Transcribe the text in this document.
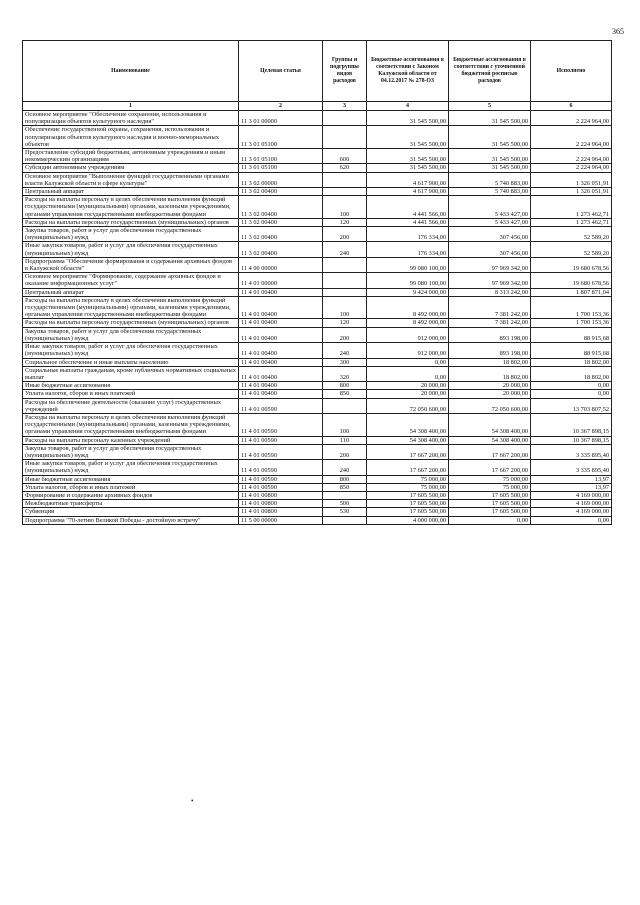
365
Наименование	Целевая статья	Группы и подгруппы видов расходов	Бюджетные ассигнования в соответствии с Законом Калужской области от 04.12.2017 № 278-ОЗ	Бюджетные ассигнования в соответствии с уточненной бюджетной росписью расходов	Исполнено
1	2	3	4	5	6
Основное мероприятие "Обеспечение сохранения, использования и популяризации объектов культурного наследия"	11 3 01 00000		31 545 500,00	31 545 500,00	2 224 964,00
Обеспечение государственной охраны, сохранения, использования и популяризации объектов культурного наследия и военно-мемориальных объектов	11 3 01 05100		31 545 500,00	31 545 500,00	2 224 964,00
Предоставление субсидий бюджетным, автономным учреждениям и иным некоммерческим организациям	11 3 01 05100	600	31 545 500,00	31 545 500,00	2 224 964,00
Субсидии автономным учреждениям	11 3 01 05100	620	31 545 500,00	31 545 500,00	2 224 964,00
Основное мероприятие "Выполнение функций государственными органами власти Калужской области в сфере культуры"	11 3 02 00000		4 617 900,00	5 740 883,00	1 326 051,91
Центральный аппарат	11 3 02 00400		4 617 900,00	5 740 883,00	1 326 051,91
Расходы на выплаты персоналу в целях обеспечения выполнения функций государственными (муниципальными) органами, казенными учреждениями, органами управления государственными внебюджетными фондами	11 3 02 00400	100	4 441 566,00	5 433 427,00	1 273 462,71
Расходы на выплаты персоналу государственных (муниципальных) органов	11 3 02 00400	120	4 441 566,00	5 433 427,00	1 273 462,71
Закупка товаров, работ и услуг для обеспечения государственных (муниципальных) нужд	11 3 02 00400	200	176 334,00	307 456,00	52 589,20
Иные закупки товаров, работ и услуг для обеспечения государственных (муниципальных) нужд	11 3 02 00400	240	176 334,00	307 456,00	52 589,20
Подпрограмма "Обеспечение формирования и содержания архивных фондов в Калужской области"	11 4 00 00000		99 080 100,00	97 969 342,00	19 680 678,56
Основное мероприятие "Формирование, содержание архивных фондов и оказание информационных услуг"	11 4 01 00000		99 080 100,00	97 969 342,00	19 680 678,56
Центральный аппарат	11 4 01 00400		9 424 000,00	8 313 242,00	1 807 871,04
Расходы на выплаты персоналу в целях обеспечения выполнения функций государственными (муниципальными) органами, казенными учреждениями, органами управления государственными внебюджетными фондами	11 4 01 00400	100	8 492 000,00	7 381 242,00	1 700 153,36
Расходы на выплаты персоналу государственных (муниципальных) органов	11 4 01 00400	120	8 492 000,00	7 381 242,00	1 700 153,36
Закупка товаров, работ и услуг для обеспечения государственных (муниципальных) нужд	11 4 01 00400	200	912 000,00	893 198,00	88 915,68
Иные закупки товаров, работ и услуг для обеспечения государственных (муниципальных) нужд	11 4 01 00400	240	912 000,00	893 198,00	88 915,68
Социальное обеспечение и иные выплаты населению	11 4 01 00400	300	0,00	18 802,00	18 802,00
Социальные выплаты гражданам, кроме публичных нормативных социальных выплат	11 4 01 00400	320	0,00	18 802,00	18 802,00
Иные бюджетные ассигнования	11 4 01 00400	800	20 000,00	20 000,00	0,00
Уплата налогов, сборов и иных платежей	11 4 01 00400	850	20 000,00	20 000,00	0,00
Расходы на обеспечение деятельности (оказание услуг) государственных учреждений	11 4 01 00590		72 050 600,00	72 050 600,00	13 703 807,52
Расходы на выплаты персоналу в целях обеспечения выполнения функций государственными (муниципальными) органами, казенными учреждениями, органами управления государственными внебюджетными фондами	11 4 01 00590	100	54 308 400,00	54 308 400,00	10 367 898,15
Расходы на выплаты персоналу казенных учреждений	11 4 01 00590	110	54 308 400,00	54 308 400,00	10 367 898,15
Закупка товаров, работ и услуг для обеспечения государственных (муниципальных) нужд	11 4 01 00590	200	17 667 200,00	17 667 200,00	3 335 895,40
Иные закупки товаров, работ и услуг для обеспечения государственных (муниципальных) нужд	11 4 01 00590	240	17 667 200,00	17 667 200,00	3 335 895,40
Иные бюджетные ассигнования	11 4 01 00590	800	75 000,00	75 000,00	13,97
Уплата налогов, сборов и иных платежей	11 4 01 00590	850	75 000,00	75 000,00	13,97
Формирование и содержание архивных фондов	11 4 01 00800		17 605 500,00	17 605 500,00	4 169 000,00
Межбюджетные трансферты	11 4 01 00800	500	17 605 500,00	17 605 500,00	4 169 000,00
Субвенции	11 4 01 00800	530	17 605 500,00	17 605 500,00	4 169 000,00
Подпрограмма "70-летию Великой Победы - достойную встречу"	11 5 00 00000		4 000 000,00	0,00	0,00
•
